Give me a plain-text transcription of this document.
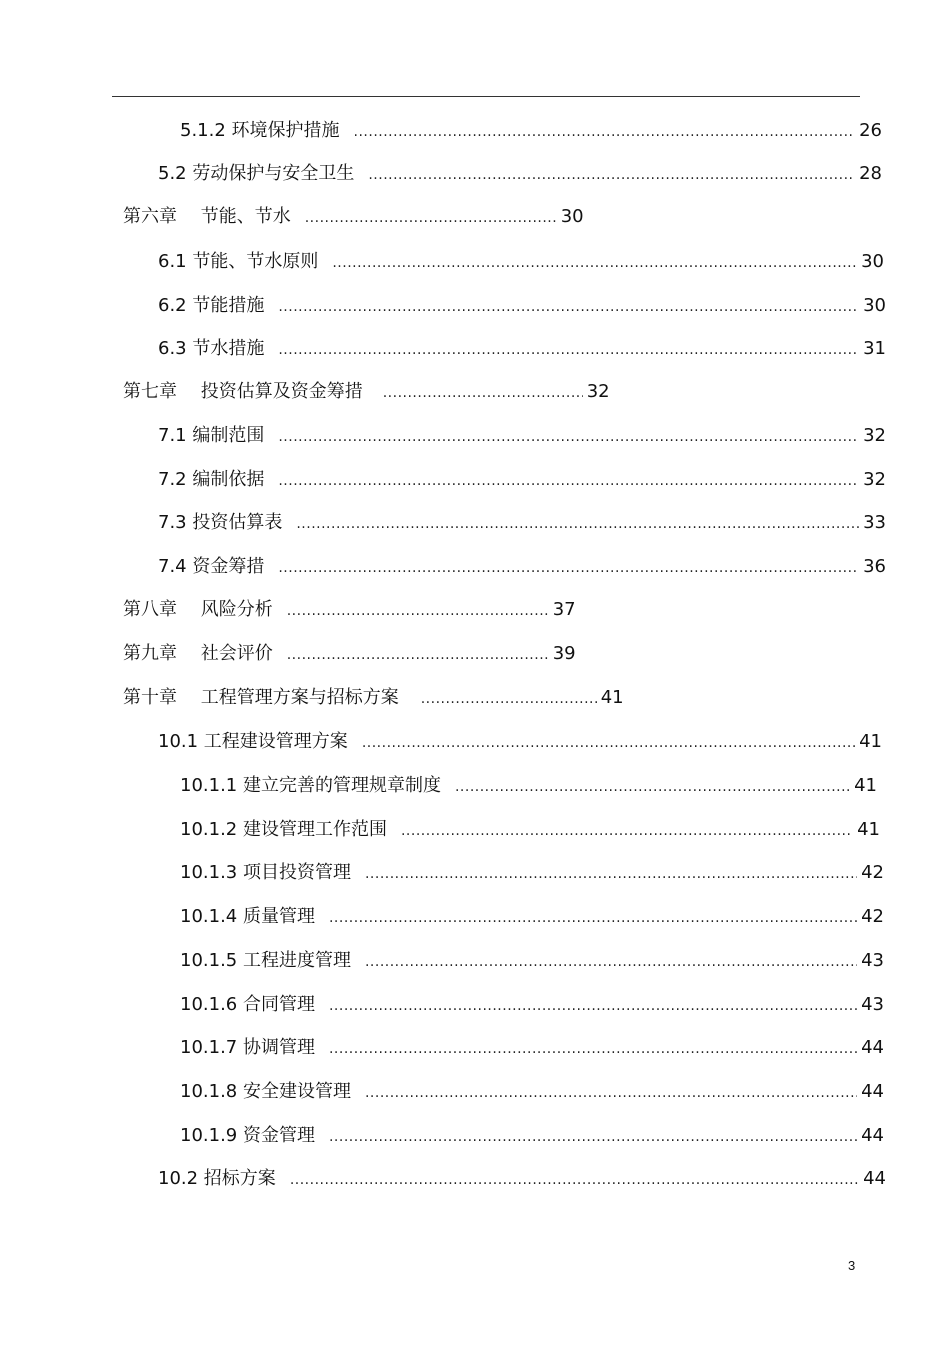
5.1.2 环境保护措施 .....	26
5.2 劳动保护与安全卫生 .....	28
第六章　 节能、节水 .....	30
6.1 节能、节水原则 .....	30
6.2 节能措施 .....	30
6.3 节水措施 .....	31
第七章　 投资估算及资金筹措 .....	32
7.1 编制范围 .....	32
7.2 编制依据 .....	32
7.3 投资估算表 .....	33
7.4 资金筹措 .....	36
第八章　 风险分析 .....	37
第九章　 社会评价 .....	39
第十章　 工程管理方案与招标方案 .....	41
10.1 工程建设管理方案 .....	41
10.1.1 建立完善的管理规章制度 .....	41
10.1.2 建设管理工作范围 .....	41
10.1.3 项目投资管理 .....	42
10.1.4 质量管理 .....	42
10.1.5 工程进度管理 .....	43
10.1.6 合同管理 .....	43
10.1.7 协调管理 .....	44
10.1.8 安全建设管理 .....	44
10.1.9 资金管理 .....	44
10.2 招标方案 .....	44
3
